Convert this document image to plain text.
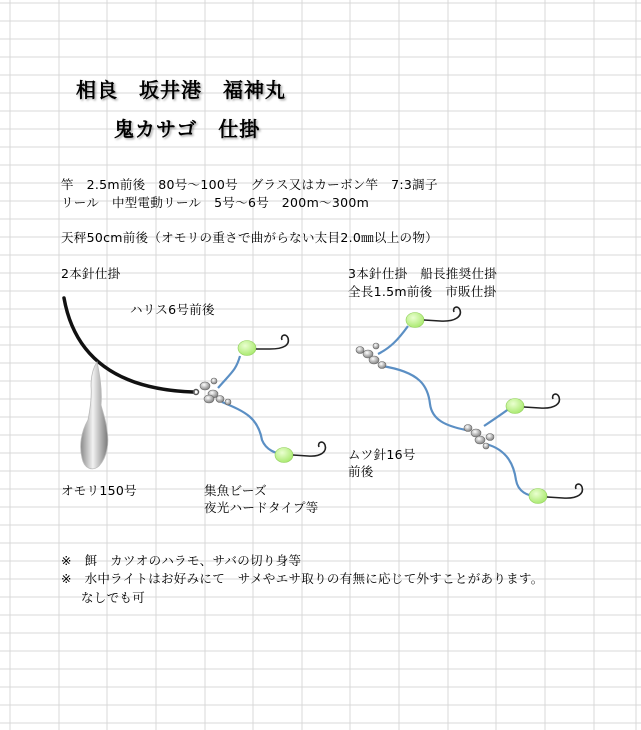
相良　坂井港　福神丸
鬼カサゴ　仕掛
竿　2.5m前後　80号～100号　グラス又はカーボン竿　7:3調子
リール　中型電動リール　5号～6号　200m～300m
天秤50cm前後（オモリの重さで曲がらない太目2.0㎜以上の物）
2本針仕掛
ハリス6号前後
オモリ150号	集魚ビーズ
夜光ハードタイプ等
3本針仕掛　船長推奨仕掛
全長1.5m前後　市販仕掛
ムツ針16号
前後
※　餌　カツオのハラモ、サバの切り身等
※　水中ライトはお好みにて　サメやエサ取りの有無に応じて外すことがあります。
なしでも可
